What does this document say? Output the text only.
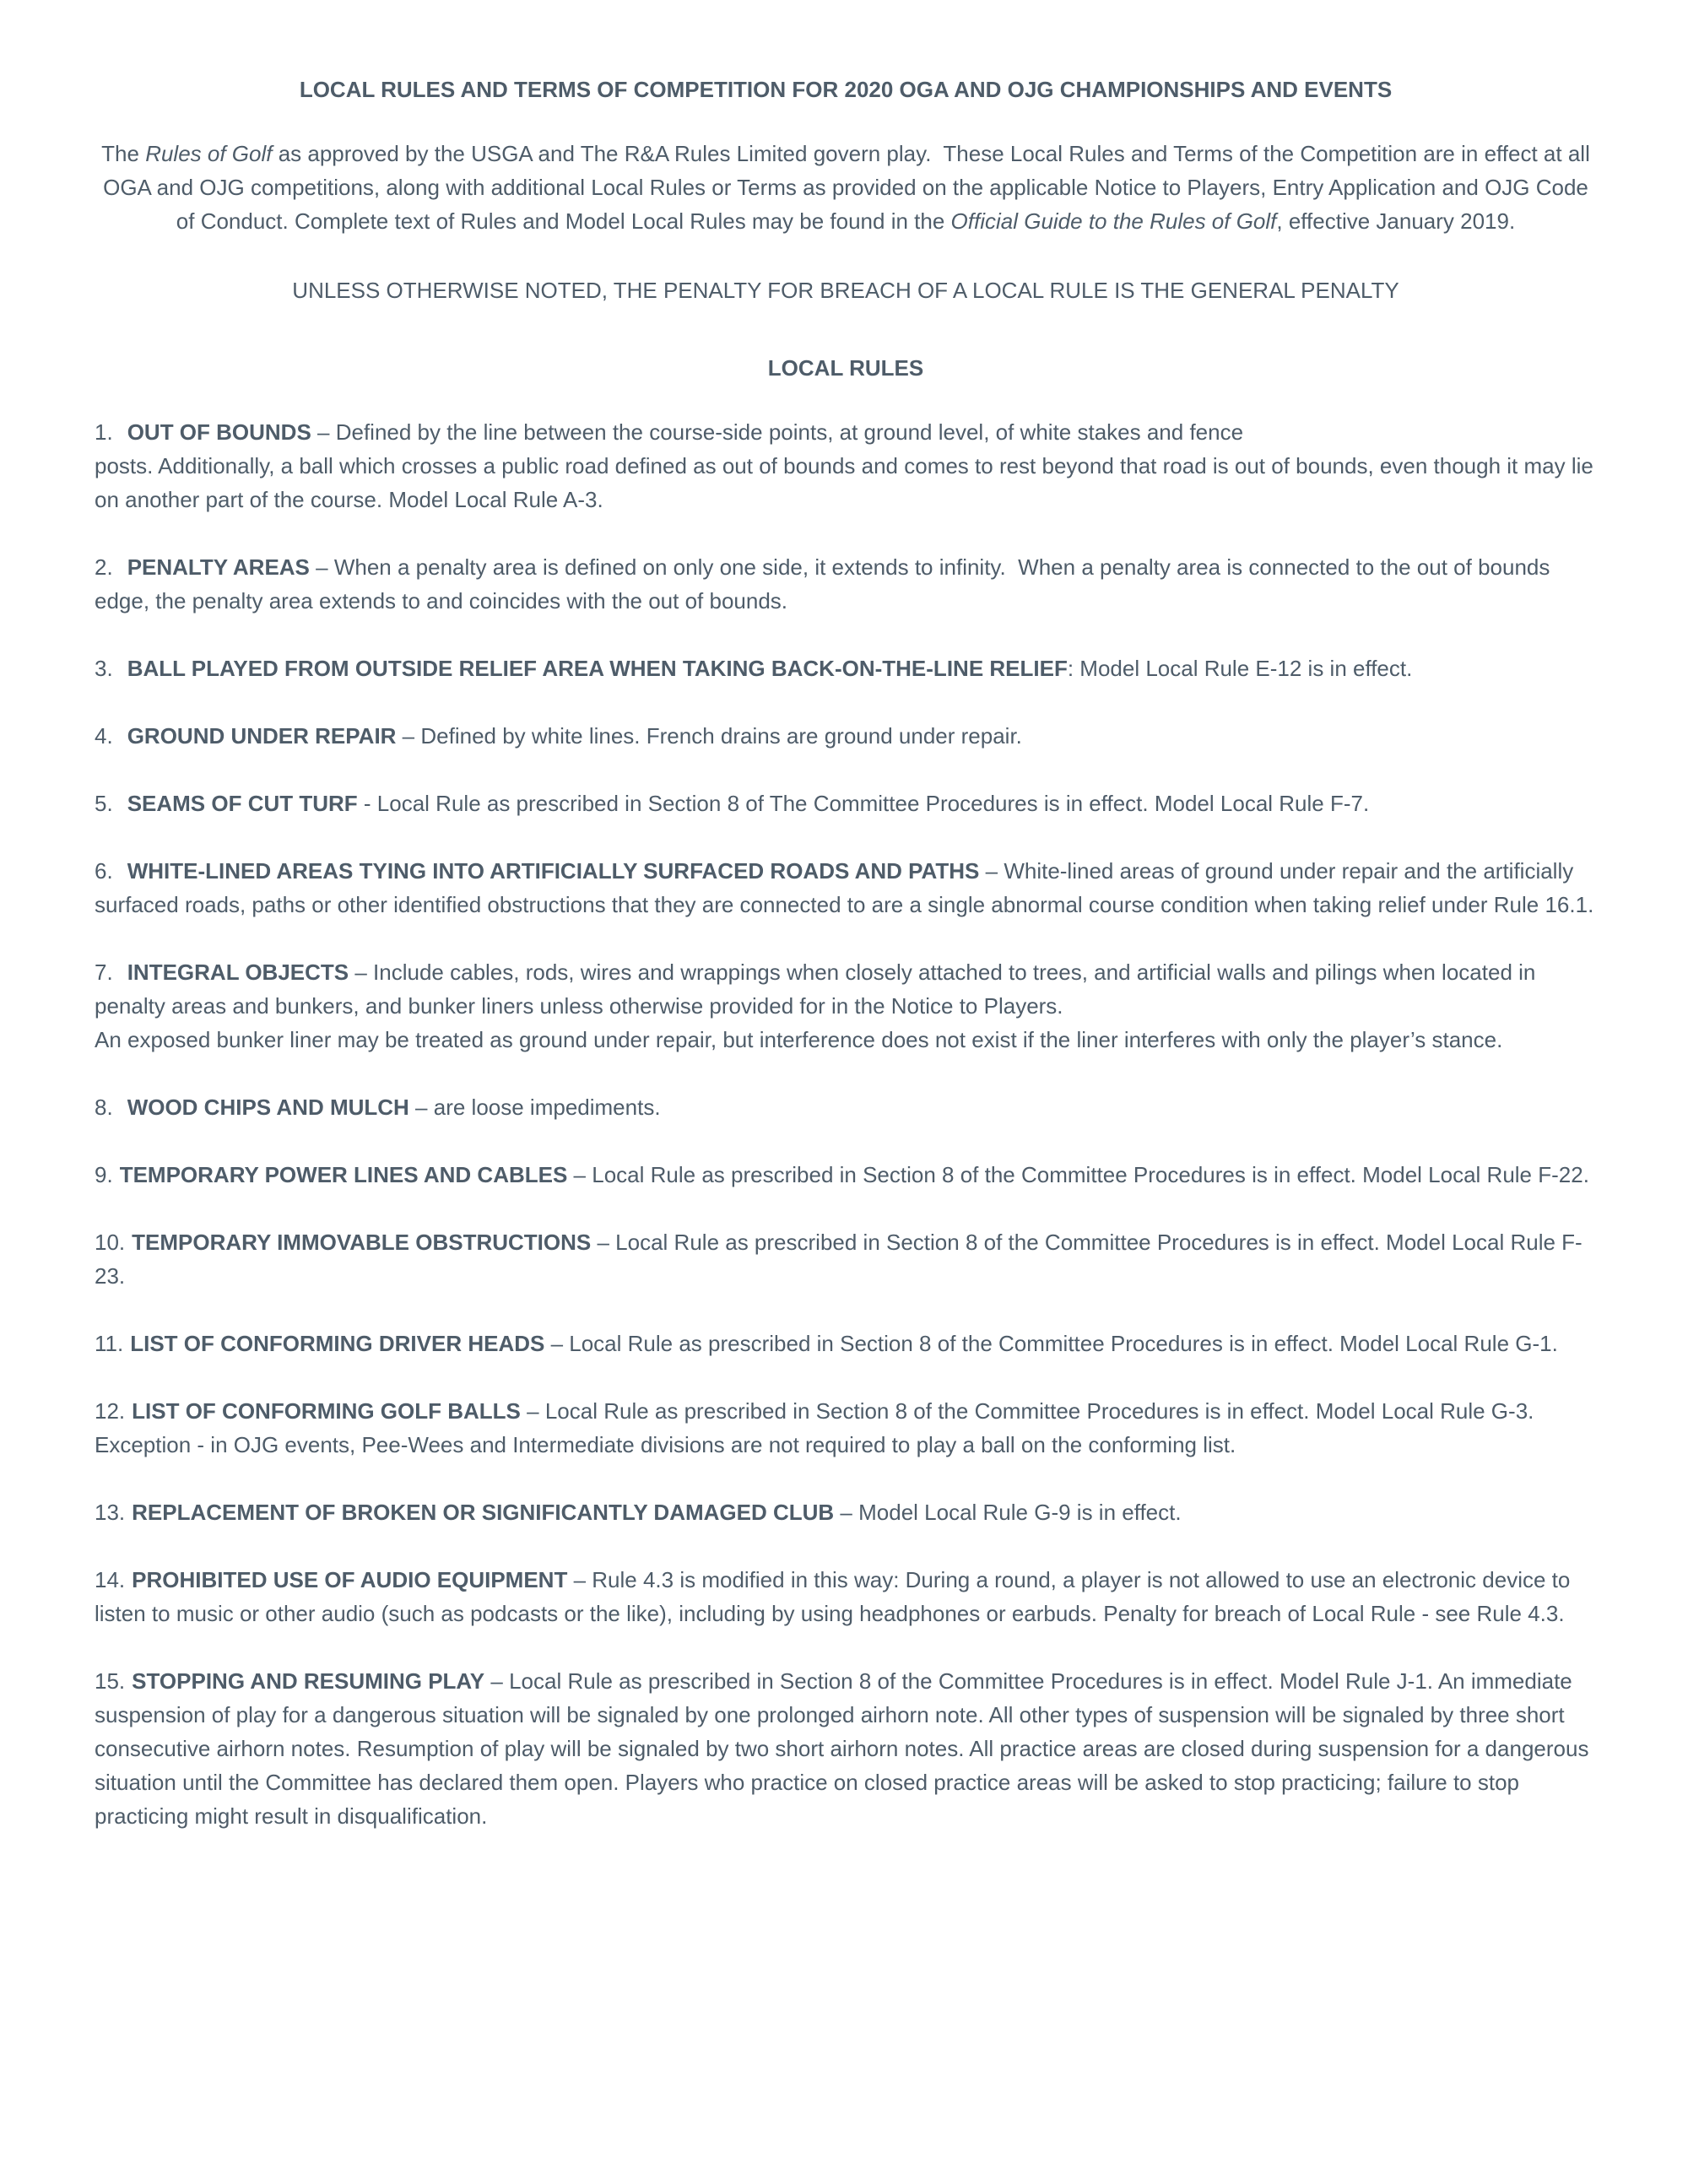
LOCAL RULES AND TERMS OF COMPETITION FOR 2020 OGA AND OJG CHAMPIONSHIPS AND EVENTS

The Rules of Golf as approved by the USGA and The R&A Rules Limited govern play.  These Local Rules and Terms of the Competition are in effect at all OGA and OJG competitions, along with additional Local Rules or Terms as provided on the applicable Notice to Players, Entry Application and OJG Code of Conduct. Complete text of Rules and Model Local Rules may be found in the Official Guide to the Rules of Golf, effective January 2019.

UNLESS OTHERWISE NOTED, THE PENALTY FOR BREACH OF A LOCAL RULE IS THE GENERAL PENALTY

LOCAL RULES

1. OUT OF BOUNDS – Defined by the line between the course-side points, at ground level, of white stakes and fence
posts. Additionally, a ball which crosses a public road defined as out of bounds and comes to rest beyond that road is out of bounds, even though it may lie on another part of the course. Model Local Rule A-3.

2. PENALTY AREAS – When a penalty area is defined on only one side, it extends to infinity.  When a penalty area is connected to the out of bounds edge, the penalty area extends to and coincides with the out of bounds.

3. BALL PLAYED FROM OUTSIDE RELIEF AREA WHEN TAKING BACK-ON-THE-LINE RELIEF: Model Local Rule E-12 is in effect.

4. GROUND UNDER REPAIR – Defined by white lines. French drains are ground under repair.

5. SEAMS OF CUT TURF - Local Rule as prescribed in Section 8 of The Committee Procedures is in effect. Model Local Rule F-7.

6. WHITE-LINED AREAS TYING INTO ARTIFICIALLY SURFACED ROADS AND PATHS – White-lined areas of ground under repair and the artificially surfaced roads, paths or other identified obstructions that they are connected to are a single abnormal course condition when taking relief under Rule 16.1.

7. INTEGRAL OBJECTS – Include cables, rods, wires and wrappings when closely attached to trees, and artificial walls and pilings when located in penalty areas and bunkers, and bunker liners unless otherwise provided for in the Notice to Players.
An exposed bunker liner may be treated as ground under repair, but interference does not exist if the liner interferes with only the player’s stance.

8. WOOD CHIPS AND MULCH – are loose impediments.

9. TEMPORARY POWER LINES AND CABLES – Local Rule as prescribed in Section 8 of the Committee Procedures is in effect. Model Local Rule F-22.

10. TEMPORARY IMMOVABLE OBSTRUCTIONS – Local Rule as prescribed in Section 8 of the Committee Procedures is in effect. Model Local Rule F-23.

11. LIST OF CONFORMING DRIVER HEADS – Local Rule as prescribed in Section 8 of the Committee Procedures is in effect. Model Local Rule G-1.

12. LIST OF CONFORMING GOLF BALLS – Local Rule as prescribed in Section 8 of the Committee Procedures is in effect. Model Local Rule G-3. Exception - in OJG events, Pee-Wees and Intermediate divisions are not required to play a ball on the conforming list.

13. REPLACEMENT OF BROKEN OR SIGNIFICANTLY DAMAGED CLUB – Model Local Rule G-9 is in effect.

14. PROHIBITED USE OF AUDIO EQUIPMENT – Rule 4.3 is modified in this way: During a round, a player is not allowed to use an electronic device to listen to music or other audio (such as podcasts or the like), including by using headphones or earbuds. Penalty for breach of Local Rule - see Rule 4.3.

15. STOPPING AND RESUMING PLAY – Local Rule as prescribed in Section 8 of the Committee Procedures is in effect. Model Rule J-1. An immediate suspension of play for a dangerous situation will be signaled by one prolonged airhorn note. All other types of suspension will be signaled by three short consecutive airhorn notes. Resumption of play will be signaled by two short airhorn notes. All practice areas are closed during suspension for a dangerous situation until the Committee has declared them open. Players who practice on closed practice areas will be asked to stop practicing; failure to stop practicing might result in disqualification.
